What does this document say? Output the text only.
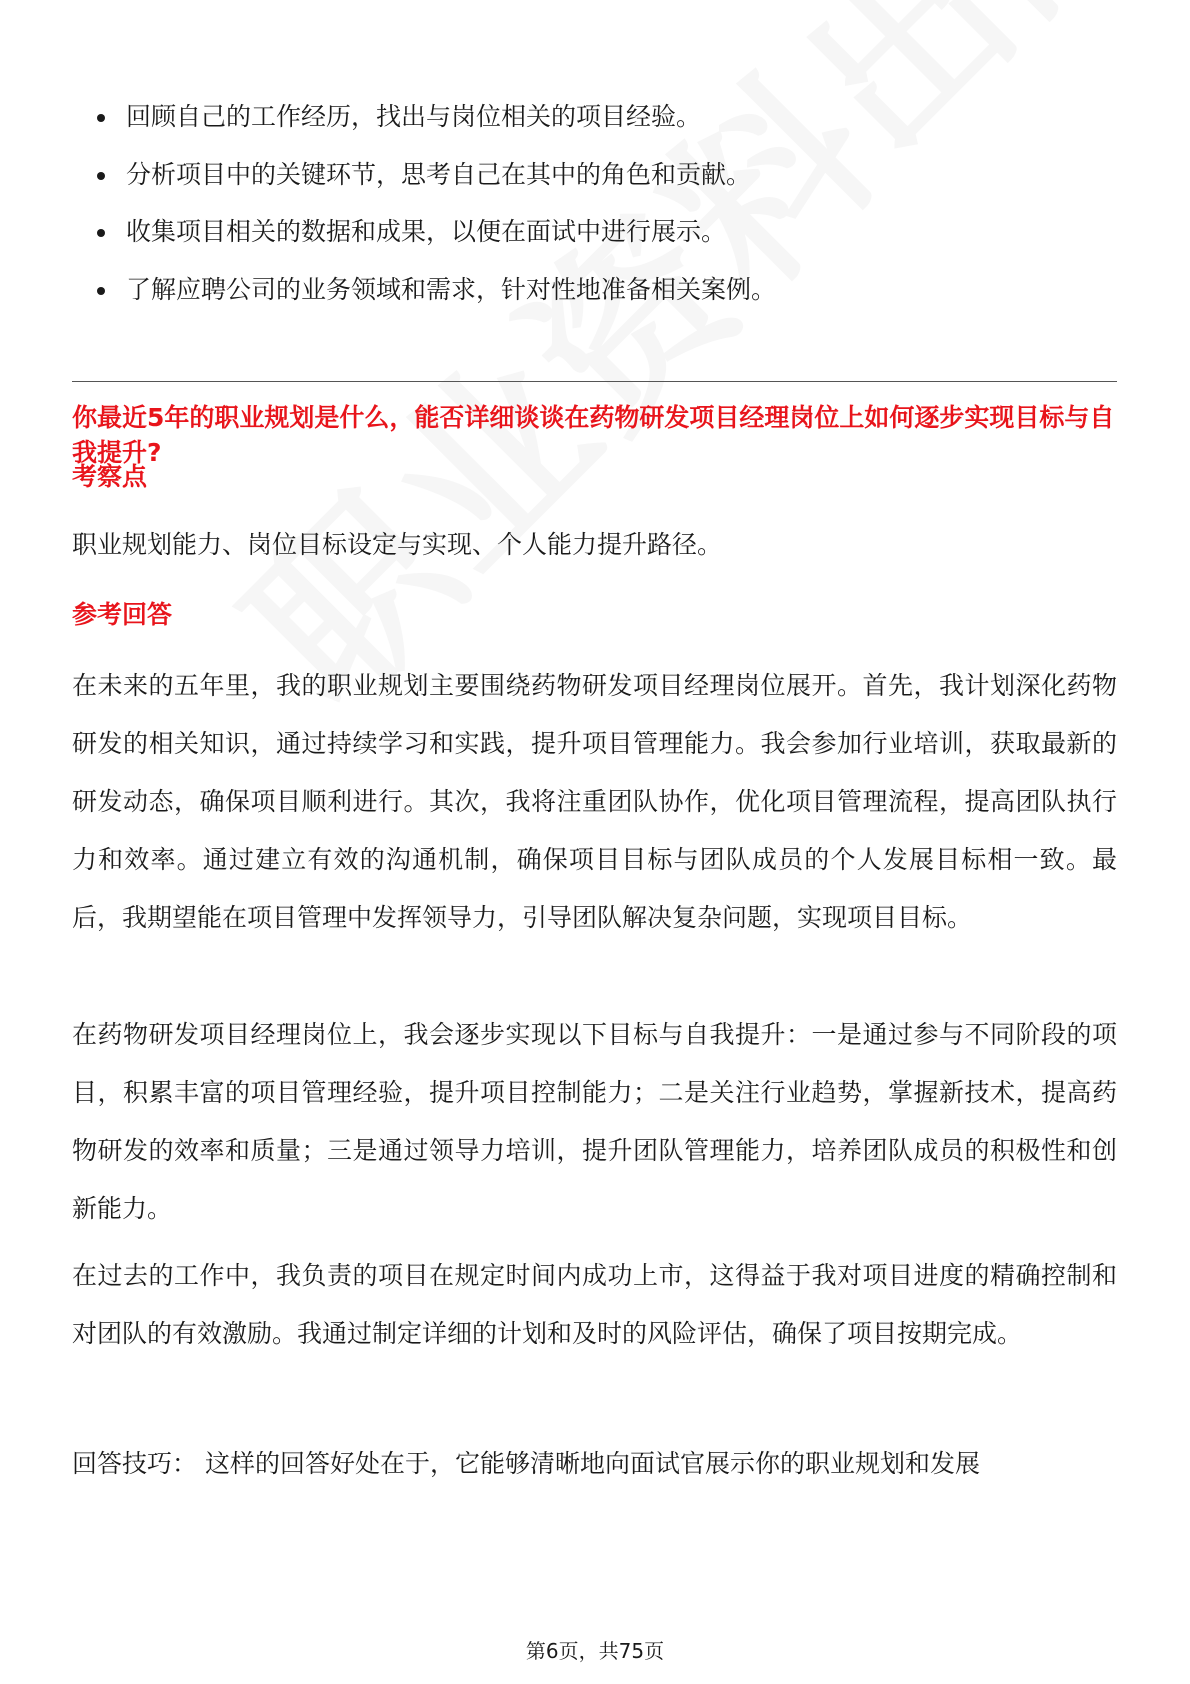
回顾自己的工作经历，找出与岗位相关的项目经验。
分析项目中的关键环节，思考自己在其中的角色和贡献。
收集项目相关的数据和成果，以便在面试中进行展示。
了解应聘公司的业务领域和需求，针对性地准备相关案例。
你最近5年的职业规划是什么，能否详细谈谈在药物研发项目经理岗位上如何逐步实现目标与自我提升?
考察点
职业规划能力、岗位目标设定与实现、个人能力提升路径。
参考回答
在未来的五年里，我的职业规划主要围绕药物研发项目经理岗位展开。首先，我计划深化药物研发的相关知识，通过持续学习和实践，提升项目管理能力。我会参加行业培训，获取最新的研发动态，确保项目顺利进行。其次，我将注重团队协作，优化项目管理流程，提高团队执行力和效率。通过建立有效的沟通机制，确保项目目标与团队成员的个人发展目标相一致。最后，我期望能在项目管理中发挥领导力，引导团队解决复杂问题，实现项目目标。
在药物研发项目经理岗位上，我会逐步实现以下目标与自我提升：一是通过参与不同阶段的项目，积累丰富的项目管理经验，提升项目控制能力；二是关注行业趋势，掌握新技术，提高药物研发的效率和质量；三是通过领导力培训，提升团队管理能力，培养团队成员的积极性和创新能力。
在过去的工作中，我负责的项目在规定时间内成功上市，这得益于我对项目进度的精确控制和对团队的有效激励。我通过制定详细的计划和及时的风险评估，确保了项目按期完成。
回答技巧： 这样的回答好处在于，它能够清晰地向面试官展示你的职业规划和发展
第6页，共75页
